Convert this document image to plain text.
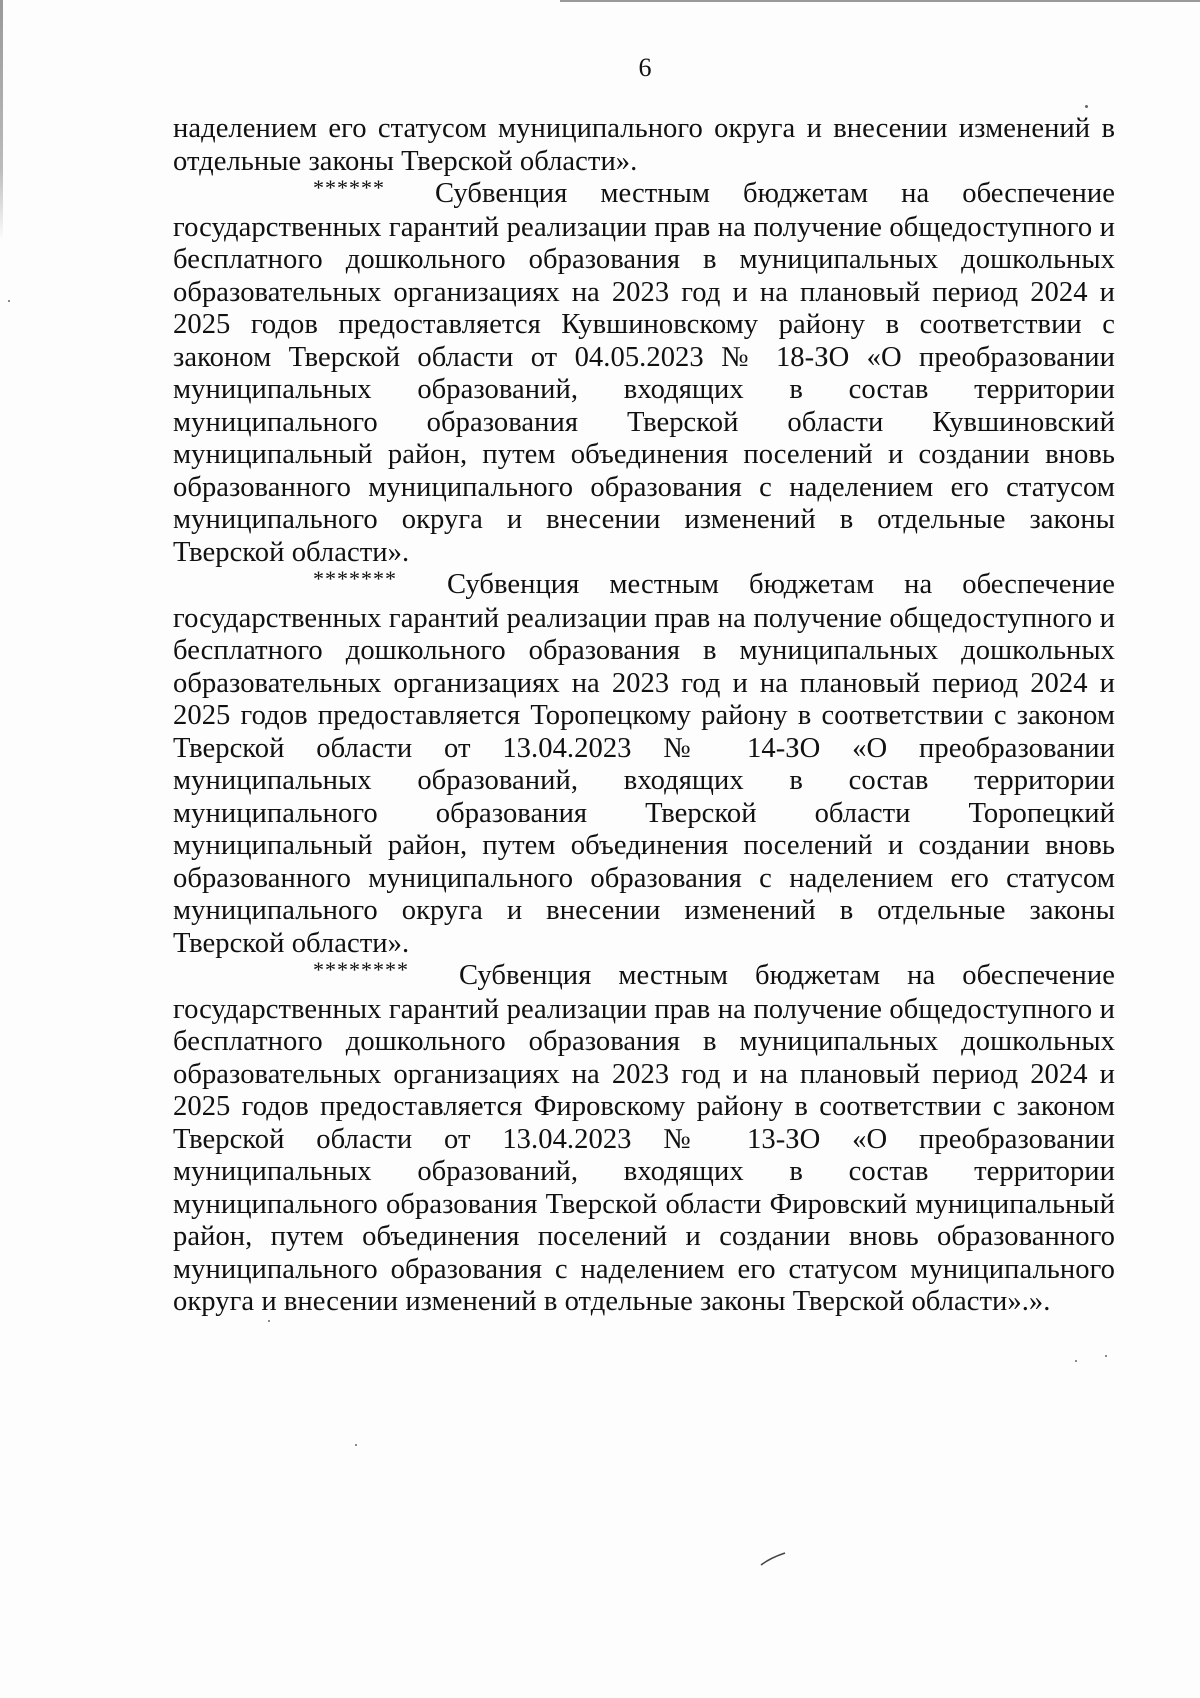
6

наделением его статусом муниципального округа и внесении изменений в отдельные законы Тверской области».

****** Субвенция местным бюджетам на обеспечение государственных гарантий реализации прав на получение общедоступного и бесплатного дошкольного образования в муниципальных дошкольных образовательных организациях на 2023 год и на плановый период 2024 и 2025 годов предоставляется Кувшиновскому району в соответствии с законом Тверской области от 04.05.2023 № 18-ЗО «О преобразовании муниципальных образований, входящих в состав территории муниципального образования Тверской области Кувшиновский муниципальный район, путем объединения поселений и создании вновь образованного муниципального образования с наделением его статусом муниципального округа и внесении изменений в отдельные законы Тверской области».

******* Субвенция местным бюджетам на обеспечение государственных гарантий реализации прав на получение общедоступного и бесплатного дошкольного образования в муниципальных дошкольных образовательных организациях на 2023 год и на плановый период 2024 и 2025 годов предоставляется Торопецкому району в соответствии с законом Тверской области от 13.04.2023 № 14-ЗО «О преобразовании муниципальных образований, входящих в состав территории муниципального образования Тверской области Торопецкий муниципальный район, путем объединения поселений и создании вновь образованного муниципального образования с наделением его статусом муниципального округа и внесении изменений в отдельные законы Тверской области».

******** Субвенция местным бюджетам на обеспечение государственных гарантий реализации прав на получение общедоступного и бесплатного дошкольного образования в муниципальных дошкольных образовательных организациях на 2023 год и на плановый период 2024 и 2025 годов предоставляется Фировскому району в соответствии с законом Тверской области от 13.04.2023 № 13-ЗО «О преобразовании муниципальных образований, входящих в состав территории муниципального образования Тверской области Фировский муниципальный район, путем объединения поселений и создании вновь образованного муниципального образования с наделением его статусом муниципального округа и внесении изменений в отдельные законы Тверской области».».
